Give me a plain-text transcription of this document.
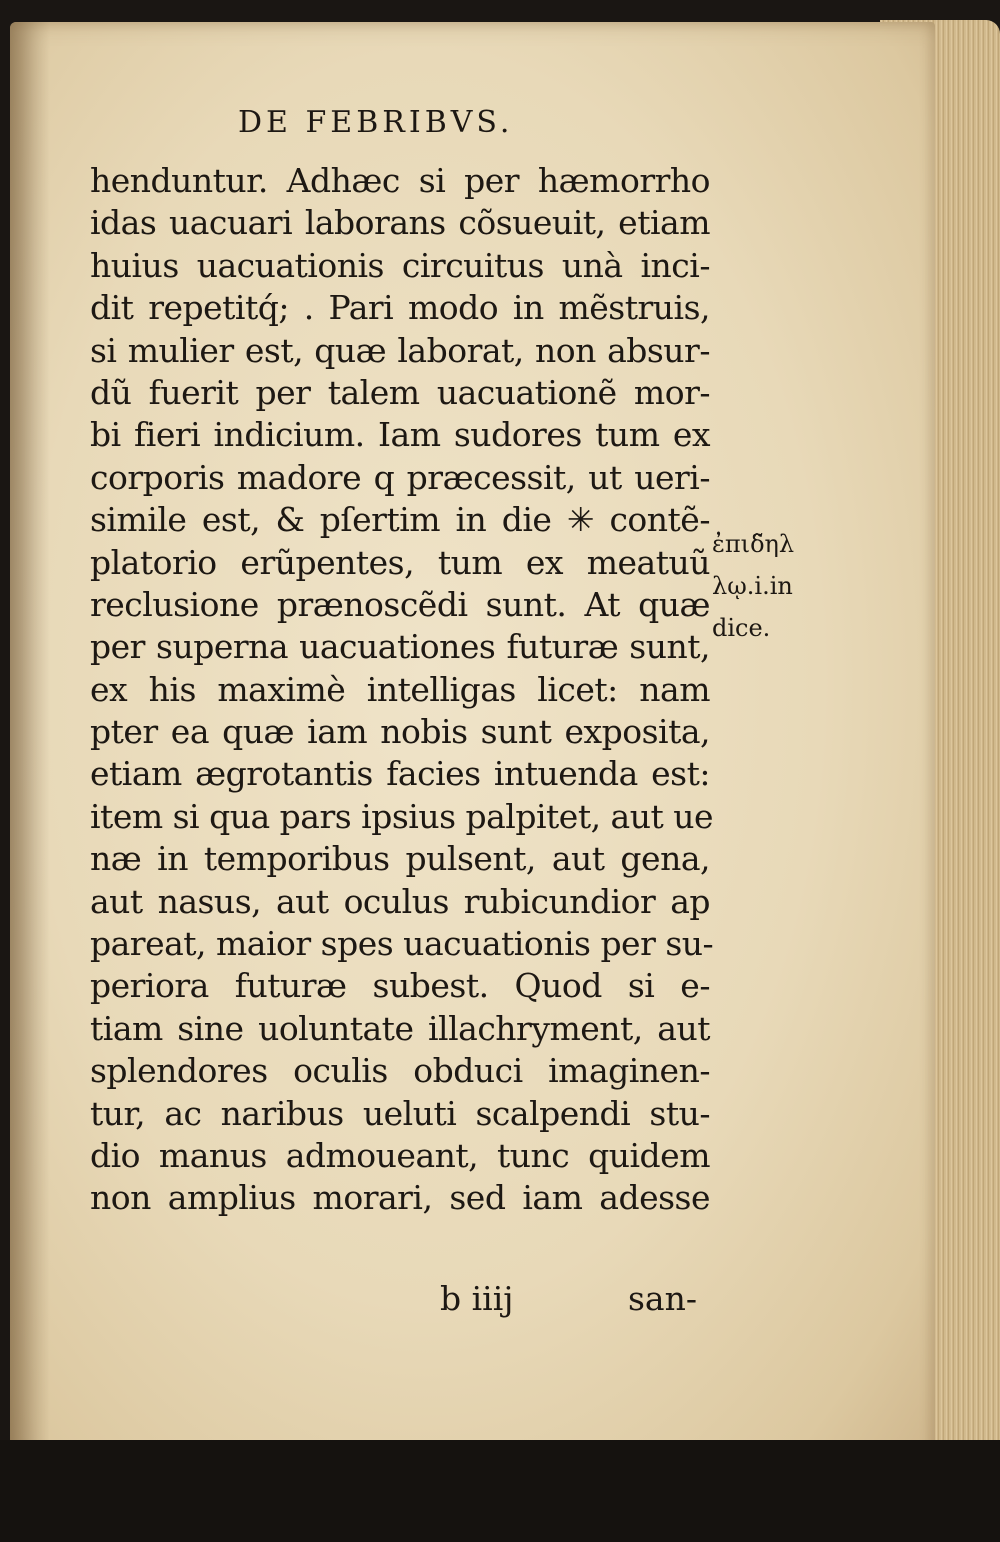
DE FEBRIBVS.
henduntur. Adhæc si per hæmorrho
idas uacuari laborans cõsueuit, etiam
huius uacuationis circuitus unà inci-
dit repetitq́; . Pari modo in mẽstruis,
si mulier est, quæ laborat, non absur-
dũ fuerit per talem uacuationẽ mor-
bi fieri indicium. Iam sudores tum ex
corporis madore q præcessit, ut ueri-
simile est, & pſertim in die ✳ contẽ-
platorio erũpentes, tum ex meatuũ
reclusione prænoscẽdi sunt. At quæ
per superna uacuationes futuræ sunt,
ex his maximè intelligas licet: nam
pter ea quæ iam nobis sunt exposita,
etiam ægrotantis facies intuenda est:
item si qua pars ipsius palpitet, aut ue
næ in temporibus pulsent, aut gena,
aut nasus, aut oculus rubicundior ap
pareat, maior spes uacuationis per su-
periora futuræ subest. Quod si e-
tiam sine uoluntate illachryment, aut
splendores oculis obduci imaginen-
tur, ac naribus ueluti scalpendi stu-
dio manus admoueant, tunc quidem
non amplius morari, sed iam adesse
ἐπιδ̃ηλ
λῳ.i.in
dice.
b iiij	san-
